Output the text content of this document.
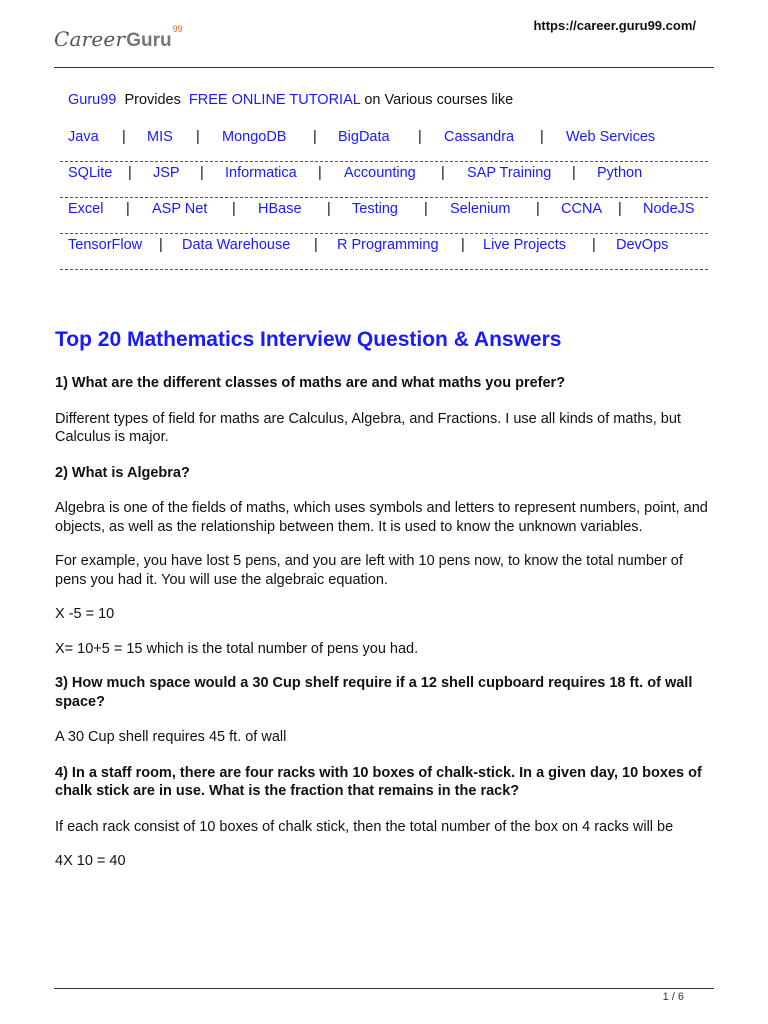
CareerGuru
99	https://career.guru99.com/
Guru99 Provides FREE ONLINE TUTORIAL on Various courses like
Java | MIS | MongoDB | BigData | Cassandra | Web Services
SQLite | JSP | Informatica | Accounting | SAP Training | Python
Excel | ASP Net | HBase | Testing | Selenium | CCNA | NodeJS
TensorFlow | Data Warehouse | R Programming | Live Projects | DevOps
Top 20 Mathematics Interview Question & Answers

1) What are the different classes of maths are and what maths you prefer?

Different types of field for maths are Calculus, Algebra, and Fractions. I use all kinds of maths, but Calculus is major.

2) What is Algebra?

Algebra is one of the fields of maths, which uses symbols and letters to represent numbers, point, and objects, as well as the relationship between them. It is used to know the unknown variables.

For example, you have lost 5 pens, and you are left with 10 pens now, to know the total number of pens you had it. You will use the algebraic equation.

X -5 = 10

X= 10+5 = 15 which is the total number of pens you had.

3) How much space would a 30 Cup shelf require if a 12 shell cupboard requires 18 ft. of wall space?

A 30 Cup shell requires 45 ft. of wall

4) In a staff room, there are four racks with 10 boxes of chalk-stick. In a given day, 10 boxes of chalk stick are in use. What is the fraction that remains in the rack?

If each rack consist of 10 boxes of chalk stick, then the total number of the box on 4 racks will be

4X 10 = 40

1 / 6
